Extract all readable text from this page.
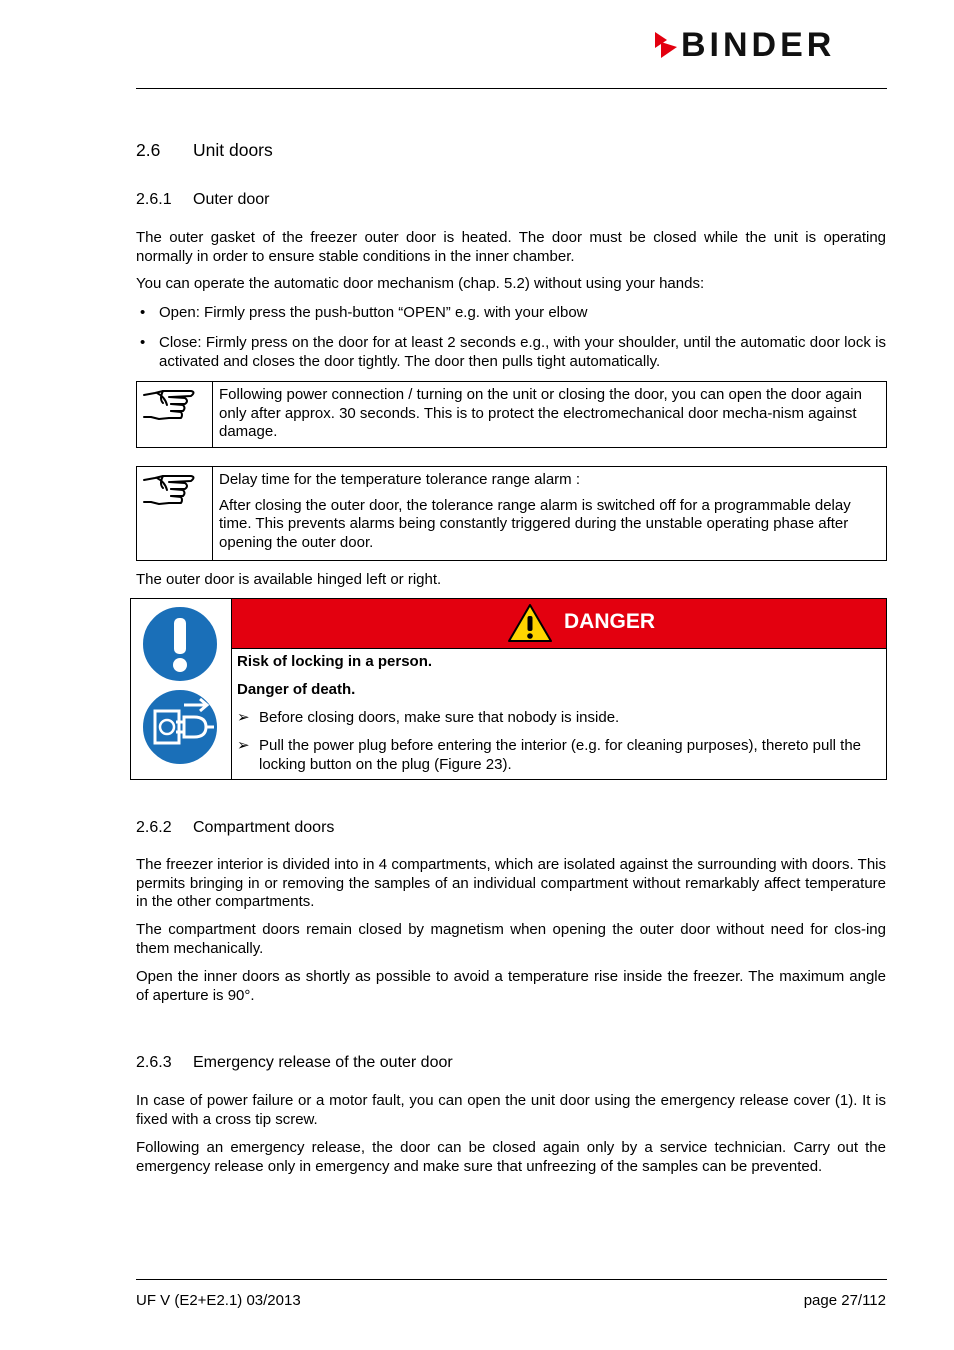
BINDER
2.6 Unit doors
2.6.1 Outer door
The outer gasket of the freezer outer door is heated. The door must be closed while the unit is operating normally in order to ensure stable conditions in the inner chamber.
You can operate the automatic door mechanism (chap. 5.2) without using your hands:
• Open: Firmly press the push-button “OPEN” e.g. with your elbow
• Close: Firmly press on the door for at least 2 seconds e.g., with your shoulder, until the automatic door lock is activated and closes the door tightly. The door then pulls tight automatically.

Following power connection / turning on the unit or closing the door, you can open the door again only after approx. 30 seconds. This is to protect the electromechanical door mecha-nism against damage.

Delay time for the temperature tolerance range alarm :
After closing the outer door, the tolerance range alarm is switched off for a programmable delay time. This prevents alarms being constantly triggered during the unstable operating phase after opening the outer door.
The outer door is available hinged left or right.
DANGER
Risk of locking in a person.
Danger of death.
➢ Before closing doors, make sure that nobody is inside.
➢ Pull the power plug before entering the interior (e.g. for cleaning purposes), thereto pull the locking button on the plug (Figure 23).
2.6.2 Compartment doors
The freezer interior is divided into in 4 compartments, which are isolated against the surrounding with doors. This permits bringing in or removing the samples of an individual compartment without remarkably affect temperature in the other compartments.
The compartment doors remain closed by magnetism when opening the outer door without need for clos-ing them mechanically.
Open the inner doors as shortly as possible to avoid a temperature rise inside the freezer. The maximum angle of aperture is 90°.
2.6.3 Emergency release of the outer door
In case of power failure or a motor fault, you can open the unit door using the emergency release cover (1). It is fixed with a cross tip screw.
Following an emergency release, the door can be closed again only by a service technician. Carry out the emergency release only in emergency and make sure that unfreezing of the samples can be prevented.
UF V (E2+E2.1) 03/2013	page 27/112
